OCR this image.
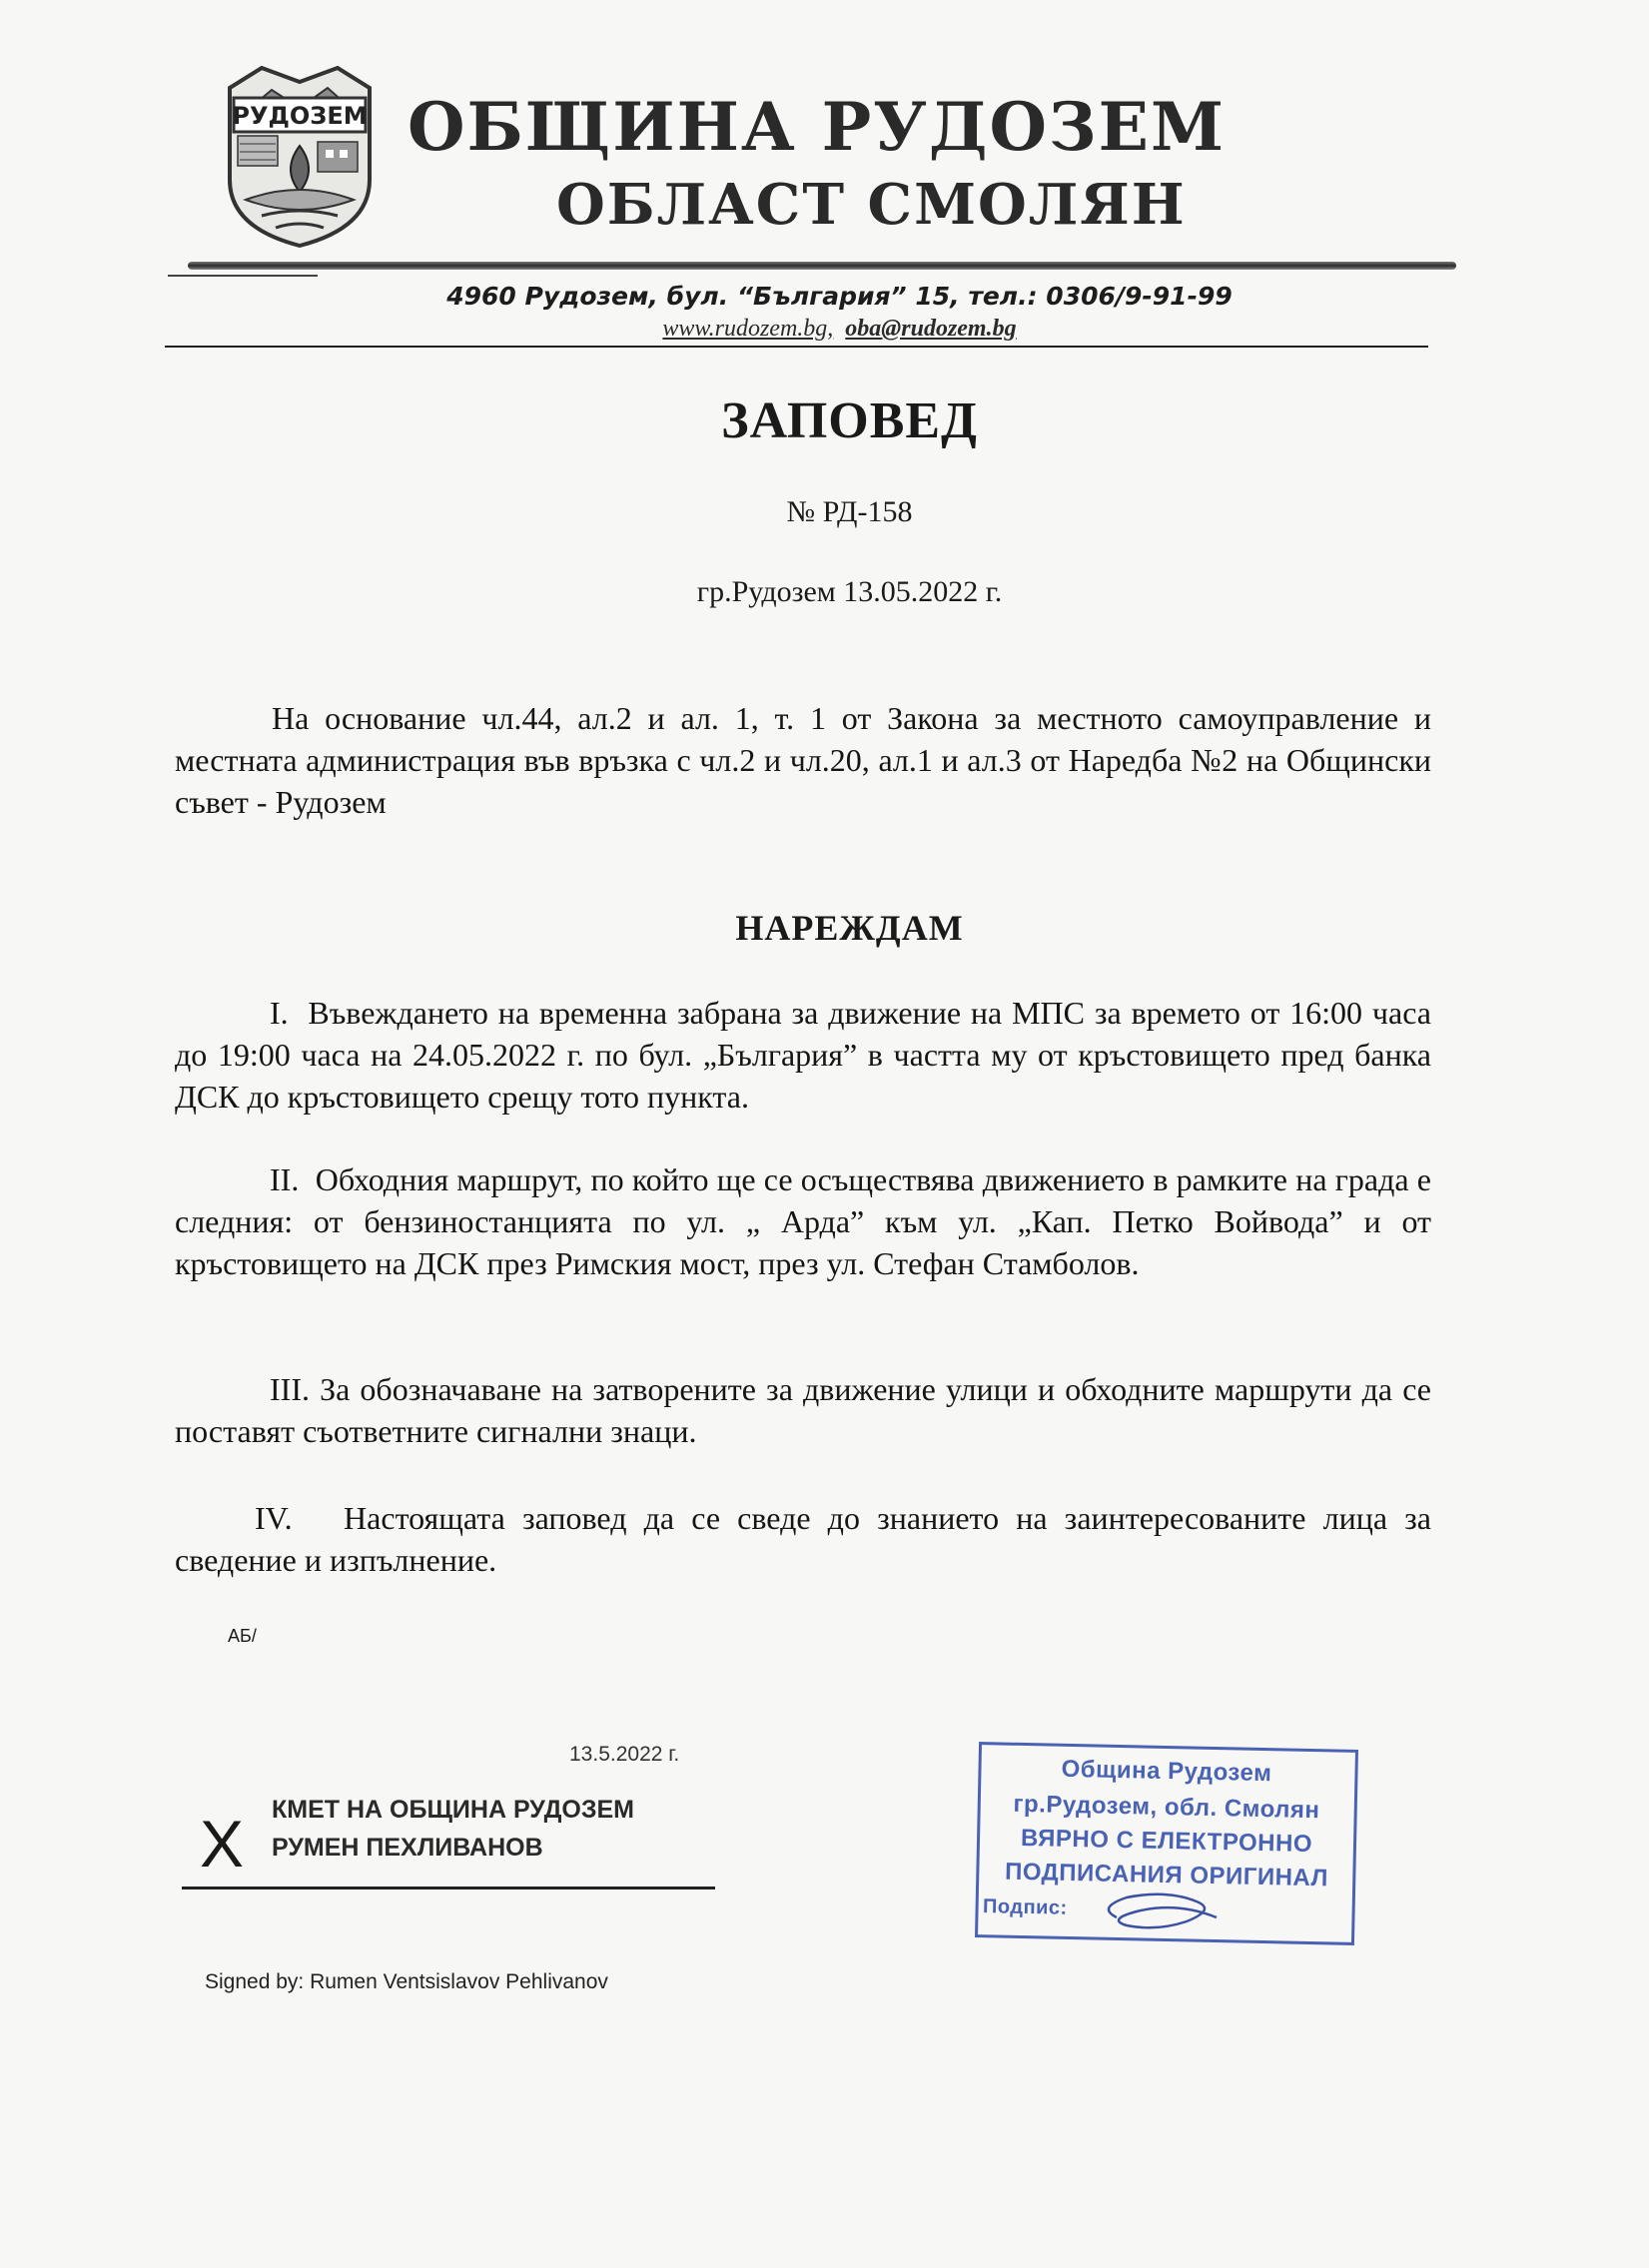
РУДОЗЕМ ОБЩИНА РУДОЗЕМ
ОБЛАСТ СМОЛЯН
4960 Рудозем, бул. “България” 15, тел.: 0306/9-91-99
www.rudozem.bg, oba@rudozem.bg
ЗАПОВЕД
№ РД-158
гр.Рудозем 13.05.2022 г.
На основание чл.44, ал.2 и ал. 1, т. 1 от Закона за местното самоуправление и местната администрация във връзка с чл.2 и чл.20, ал.1 и ал.3 от Наредба №2 на Общински съвет - Рудозем
НАРЕЖДАМ
I. Въвеждането на временна забрана за движение на МПС за времето от 16:00 часа до 19:00 часа на 24.05.2022 г. по бул. „България” в частта му от кръстовището пред банка ДСК до кръстовището срещу тото пункта.
II. Обходния маршрут, по който ще се осъществява движението в рамките на града е следния: от бензиностанцията по ул. „ Арда” към ул. „Кап. Петко Войвода” и от кръстовището на ДСК през Римския мост, през ул. Стефан Стамболов.
III. За обозначаване на затворените за движение улици и обходните маршрути да се поставят съответните сигнални знаци.
IV. Настоящата заповед да се сведе до знанието на заинтересованите лица за сведение и изпълнение.
АБ/
13.5.2022 г.
X КМЕТ НА ОБЩИНА РУДОЗЕМ
РУМЕН ПЕХЛИВАНОВ
Signed by: Rumen Ventsislavov Pehlivanov
Община Рудозем
гр.Рудозем, обл. Смолян
ВЯРНО С ЕЛЕКТРОННО
ПОДПИСАНИЯ ОРИГИНАЛ
Подпис:
